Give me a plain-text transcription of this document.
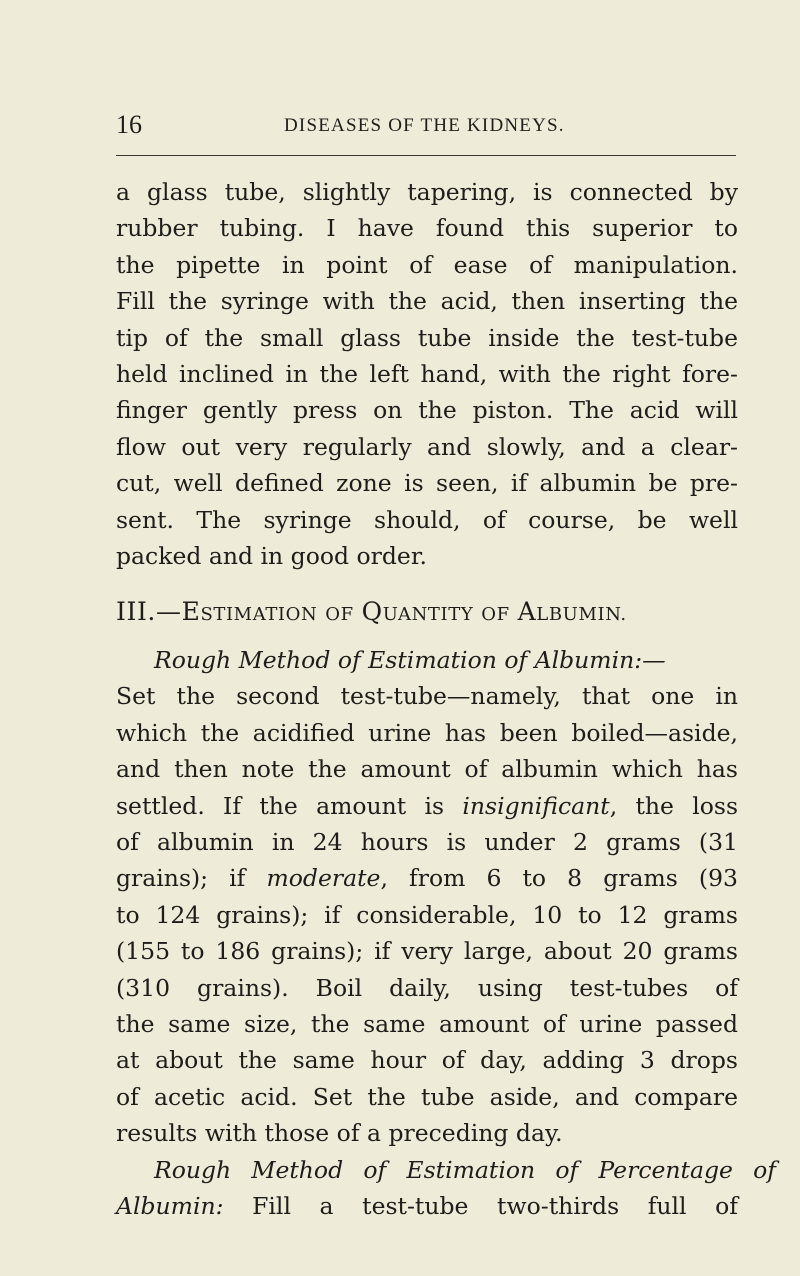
16	DISEASES OF THE KIDNEYS.
a glass tube, slightly tapering, is connected by
rubber tubing. I have found this superior to
the pipette in point of ease of manipulation.
Fill the syringe with the acid, then inserting the
tip of the small glass tube inside the test-tube
held inclined in the left hand, with the right fore-
finger gently press on the piston. The acid will
flow out very regularly and slowly, and a clear-
cut, well defined zone is seen, if albumin be pre-
sent. The syringe should, of course, be well
packed and in good order.
III.—ESTIMATION OF QUANTITY OF ALBUMIN.
Rough Method of Estimation of Albumin:—
Set the second test-tube—namely, that one in
which the acidified urine has been boiled—aside,
and then note the amount of albumin which has
settled. If the amount is insignificant, the loss
of albumin in 24 hours is under 2 grams (31
grains); if moderate, from 6 to 8 grams (93
to 124 grains); if considerable, 10 to 12 grams
(155 to 186 grains); if very large, about 20 grams
(310 grains). Boil daily, using test-tubes of
the same size, the same amount of urine passed
at about the same hour of day, adding 3 drops
of acetic acid. Set the tube aside, and compare
results with those of a preceding day.
Rough Method of Estimation of Percentage of
Albumin: Fill a test-tube two-thirds full of
